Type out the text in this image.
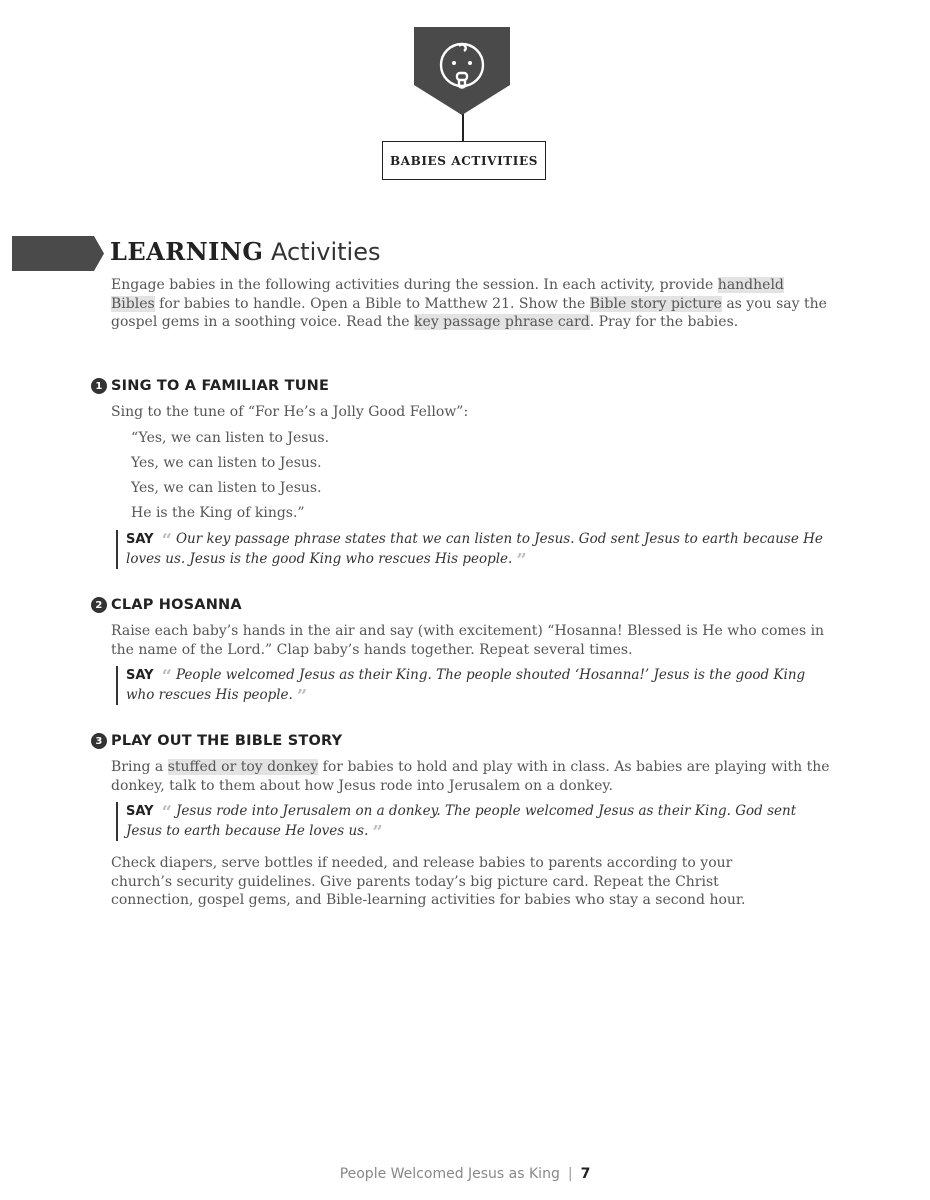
BABIES ACTIVITIES
LEARNING Activities

Engage babies in the following activities during the session. In each activity, provide handheld Bibles for babies to handle. Open a Bible to Matthew 21. Show the Bible story picture as you say the gospel gems in a soothing voice. Read the key passage phrase card. Pray for the babies.

1 SING TO A FAMILIAR TUNE

Sing to the tune of “For He’s a Jolly Good Fellow”:

“Yes, we can listen to Jesus.
Yes, we can listen to Jesus.
Yes, we can listen to Jesus.
He is the King of kings.”
SAY “ Our key passage phrase states that we can listen to Jesus. God sent Jesus to earth because He loves us. Jesus is the good King who rescues His people. ”
2 CLAP HOSANNA

Raise each baby’s hands in the air and say (with excitement) “Hosanna! Blessed is He who comes in the name of the Lord.” Clap baby’s hands together. Repeat several times.

SAY “ People welcomed Jesus as their King. The people shouted ‘Hosanna!’ Jesus is the good King who rescues His people. ”
3 PLAY OUT THE BIBLE STORY

Bring a stuffed or toy donkey for babies to hold and play with in class. As babies are playing with the donkey, talk to them about how Jesus rode into Jerusalem on a donkey.

SAY “ Jesus rode into Jerusalem on a donkey. The people welcomed Jesus as their King. God sent Jesus to earth because He loves us. ”

Check diapers, serve bottles if needed, and release babies to parents according to your church’s security guidelines. Give parents today’s big picture card. Repeat the Christ connection, gospel gems, and Bible-learning activities for babies who stay a second hour.

People Welcomed Jesus as King | 7
